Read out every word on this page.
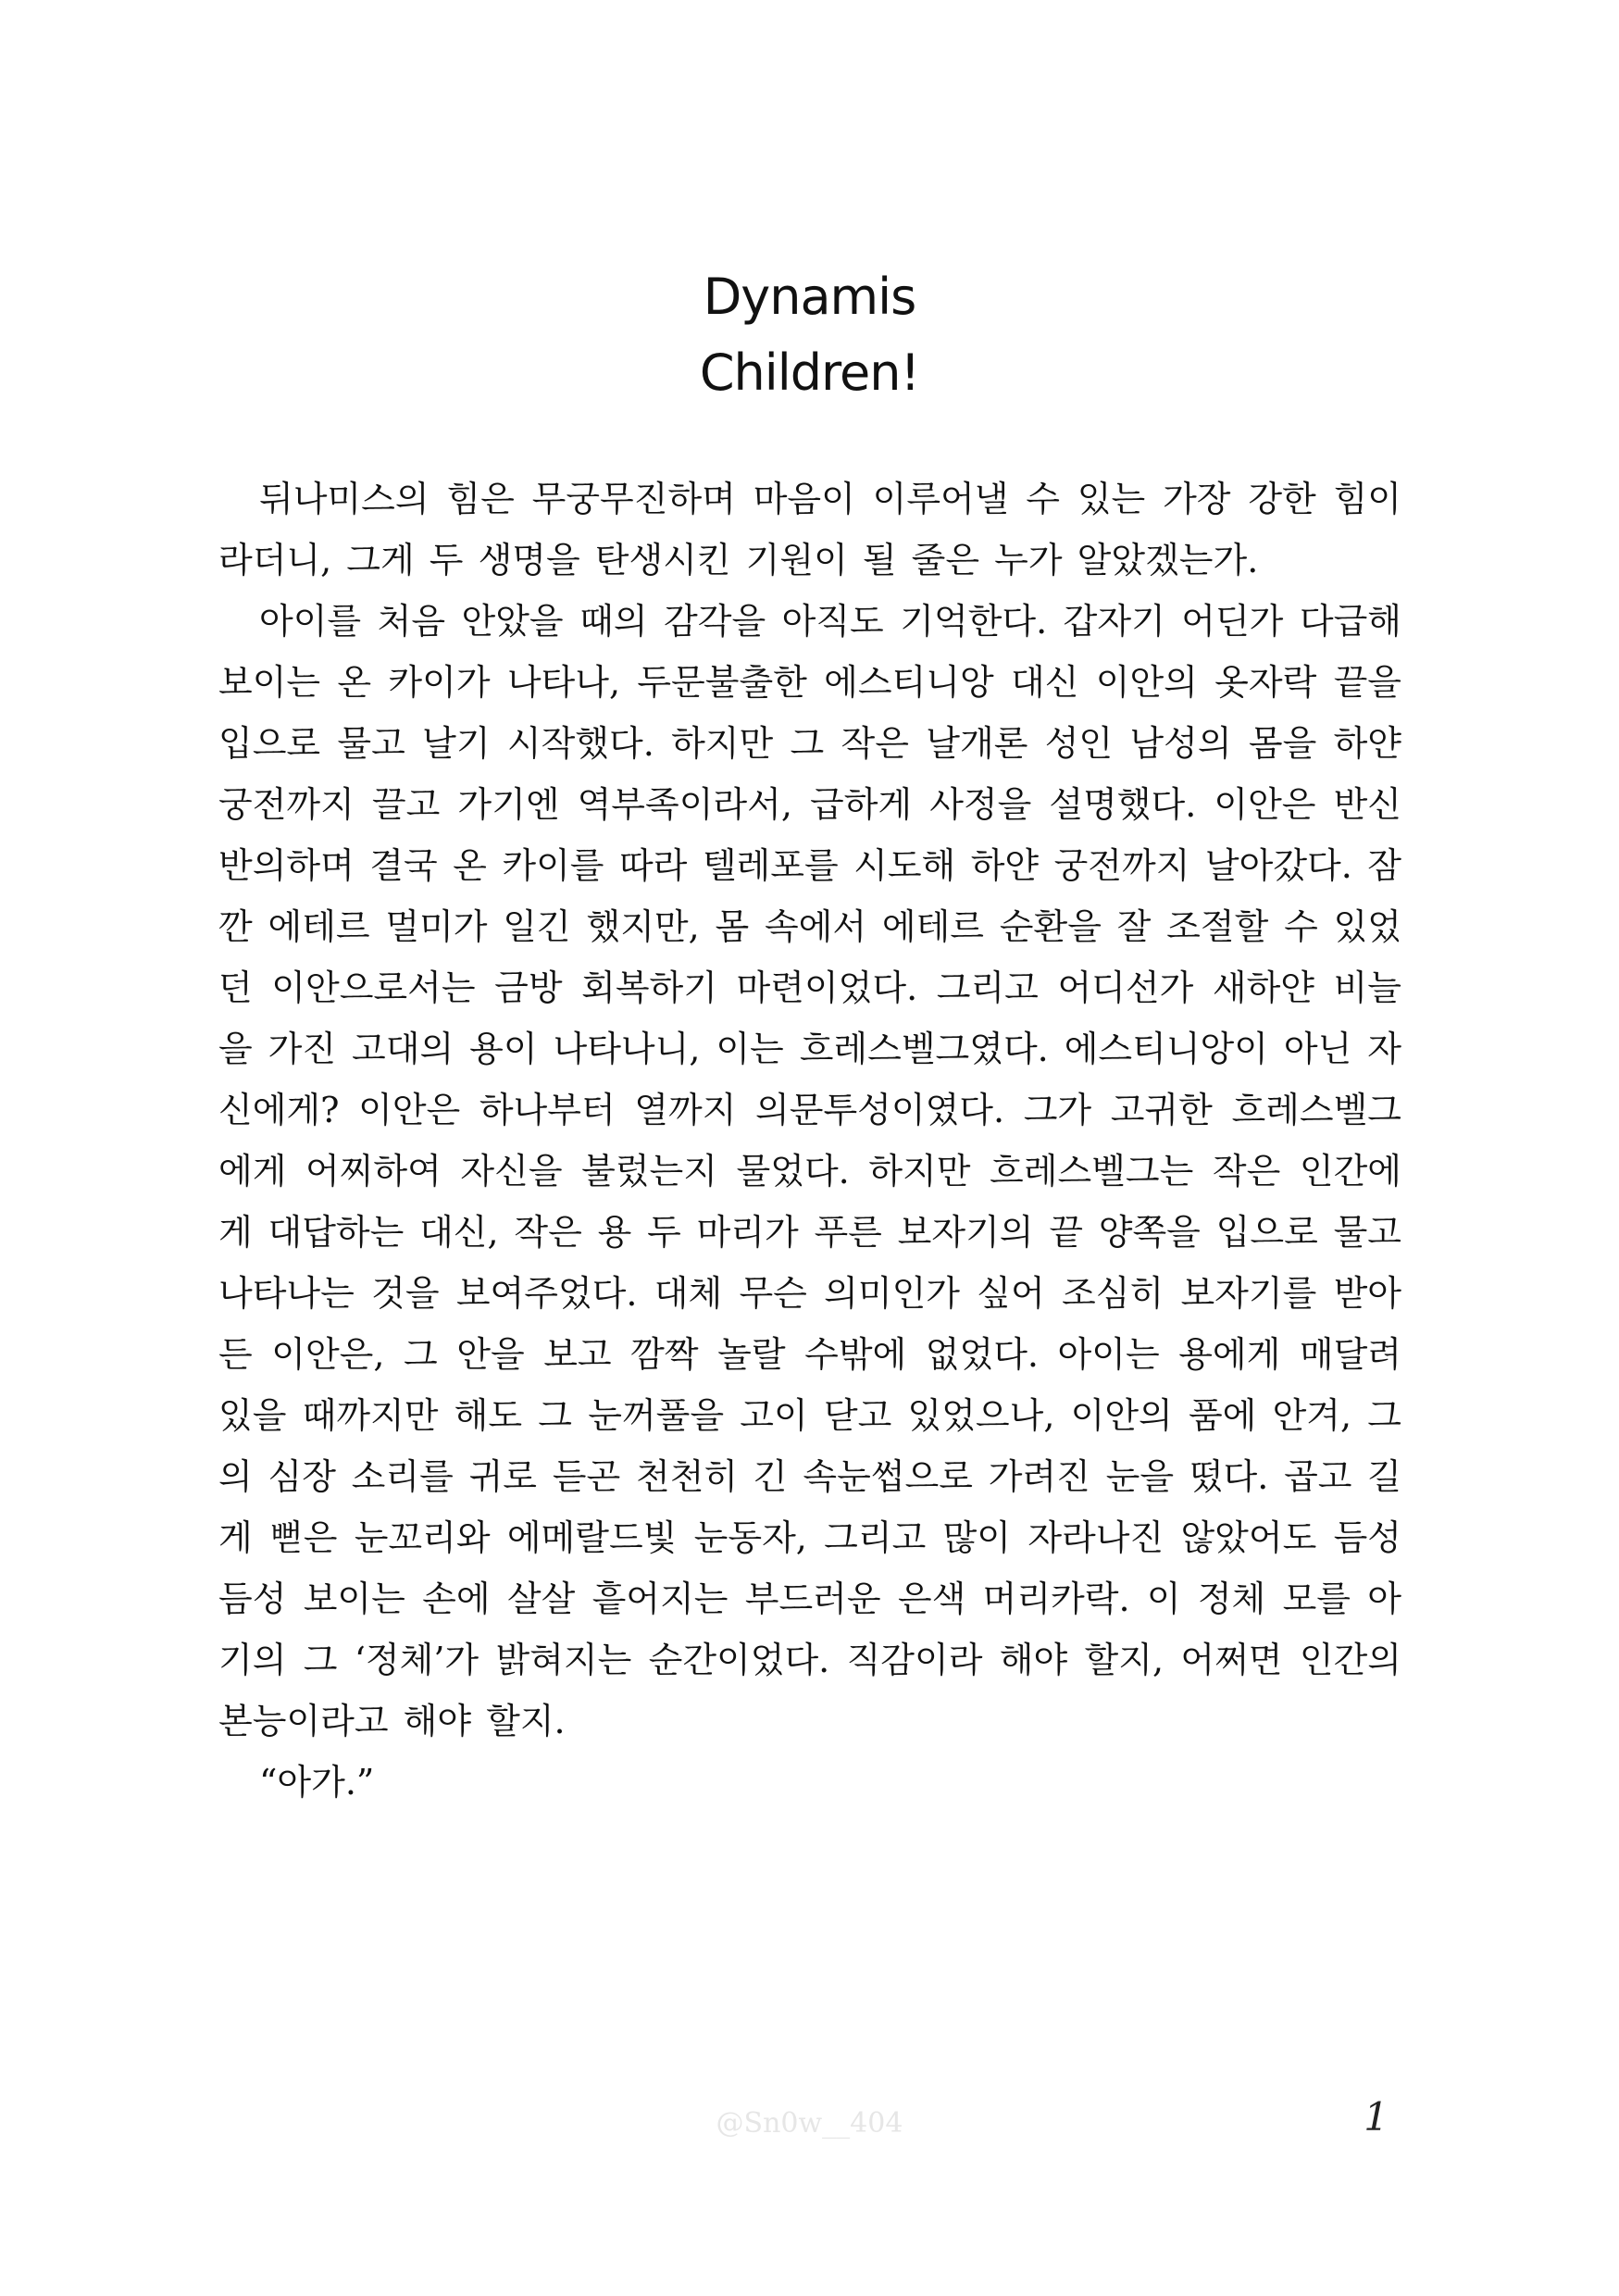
Dynamis
Children!

뒤나미스의 힘은 무궁무진하며 마음이 이루어낼 수 있는 가장 강한 힘이라더니, 그게 두 생명을 탄생시킨 기원이 될 줄은 누가 알았겠는가.

아이를 처음 안았을 때의 감각을 아직도 기억한다. 갑자기 어딘가 다급해 보이는 온 카이가 나타나, 두문불출한 에스티니앙 대신 이안의 옷자락 끝을 입으로 물고 날기 시작했다. 하지만 그 작은 날개론 성인 남성의 몸을 하얀 궁전까지 끌고 가기엔 역부족이라서, 급하게 사정을 설명했다. 이안은 반신반의하며 결국 온 카이를 따라 텔레포를 시도해 하얀 궁전까지 날아갔다. 잠깐 에테르 멀미가 일긴 했지만, 몸 속에서 에테르 순환을 잘 조절할 수 있었던 이안으로서는 금방 회복하기 마련이었다. 그리고 어디선가 새하얀 비늘을 가진 고대의 용이 나타나니, 이는 흐레스벨그였다. 에스티니앙이 아닌 자신에게? 이안은 하나부터 열까지 의문투성이였다. 그가 고귀한 흐레스벨그에게 어찌하여 자신을 불렀는지 물었다. 하지만 흐레스벨그는 작은 인간에게 대답하는 대신, 작은 용 두 마리가 푸른 보자기의 끝 양쪽을 입으로 물고 나타나는 것을 보여주었다. 대체 무슨 의미인가 싶어 조심히 보자기를 받아 든 이안은, 그 안을 보고 깜짝 놀랄 수밖에 없었다. 아이는 용에게 매달려 있을 때까지만 해도 그 눈꺼풀을 고이 닫고 있었으나, 이안의 품에 안겨, 그의 심장 소리를 귀로 듣곤 천천히 긴 속눈썹으로 가려진 눈을 떴다. 곱고 길게 뻗은 눈꼬리와 에메랄드빛 눈동자, 그리고 많이 자라나진 않았어도 듬성듬성 보이는 손에 살살 흩어지는 부드러운 은색 머리카락. 이 정체 모를 아기의 그 ‘정체’가 밝혀지는 순간이었다. 직감이라 해야 할지, 어쩌면 인간의 본능이라고 해야 할지.

“아가.”

@Sn0w__404	1
